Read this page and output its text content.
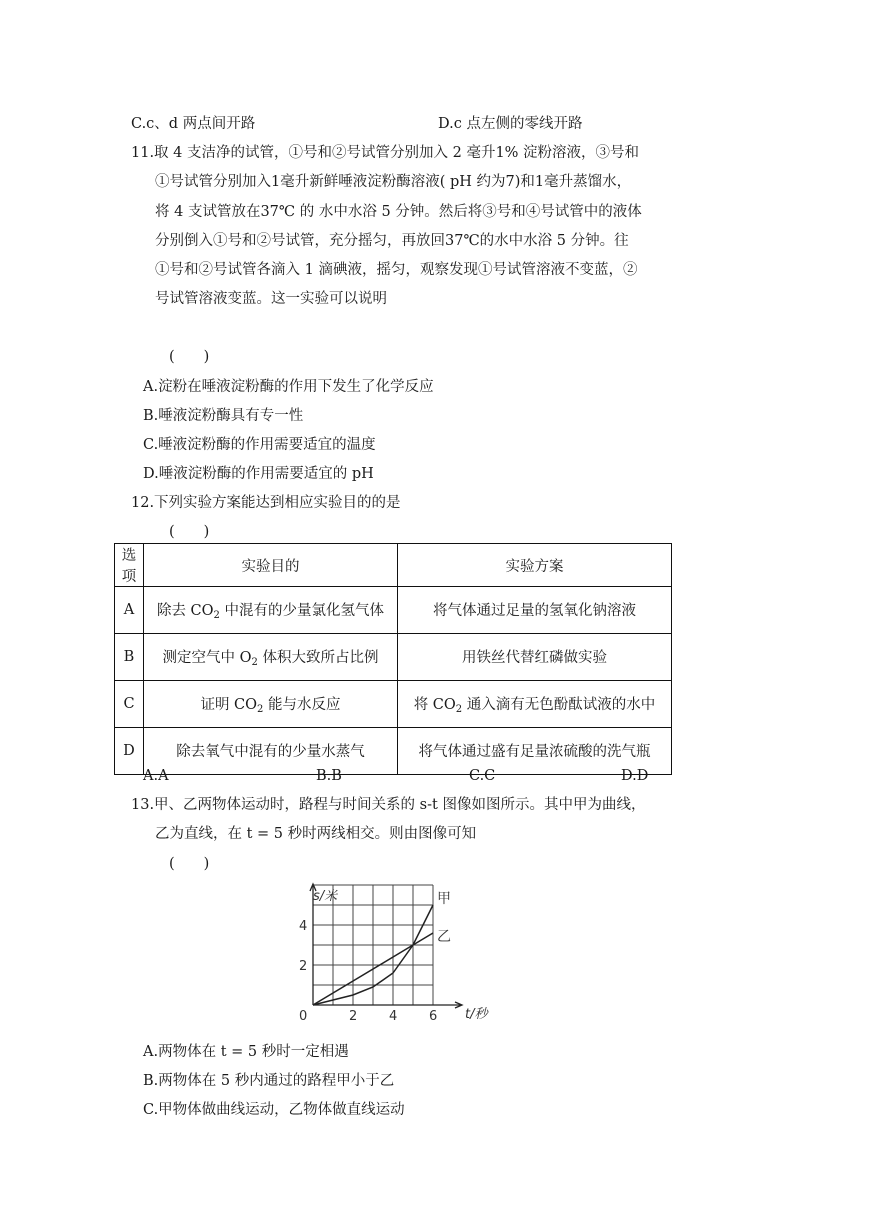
C.c、d 两点间开路	D.c 点左侧的零线开路
11.取 4 支洁净的试管，①号和②号试管分别加入 2 毫升1% 淀粉溶液，③号和
①号试管分别加入1毫升新鲜唾液淀粉酶溶液( pH 约为7)和1毫升蒸馏水，
将 4 支试管放在37℃ 的 水中水浴 5 分钟。然后将③号和④号试管中的液体
分别倒入①号和②号试管，充分摇匀，再放回37℃的水中水浴 5 分钟。往
①号和②号试管各滴入 1 滴碘液，摇匀，观察发现①号试管溶液不变蓝，②
号试管溶液变蓝。这一实验可以说明
(　　)
A.淀粉在唾液淀粉酶的作用下发生了化学反应
B.唾液淀粉酶具有专一性
C.唾液淀粉酶的作用需要适宜的温度
D.唾液淀粉酶的作用需要适宜的 pH
12.下列实验方案能达到相应实验目的的是
(　　)
选项	实验目的	实验方案
A	除去 $CO_2$ 中混有的少量氯化氢气体	将气体通过足量的氢氧化钠溶液
B	测定空气中 $O_2$ 体积大致所占比例	用铁丝代替红磷做实验
C	证明 $CO_2$ 能与水反应	将 $CO_2$ 通入滴有无色酚酞试液的水中
D	除去氧气中混有的少量水蒸气	将气体通过盛有足量浓硫酸的洗气瓶
A.A	B.B	C.C	D.D
13.甲、乙两物体运动时，路程与时间关系的 s-t 图像如图所示。其中甲为曲线，
乙为直线，在 t = 5 秒时两线相交。则由图像可知
(　　)
0	2 4 6
2
4
甲
乙
s/米
t/秒
A.两物体在 t = 5 秒时一定相遇
B.两物体在 5 秒内通过的路程甲小于乙
C.甲物体做曲线运动，乙物体做直线运动
